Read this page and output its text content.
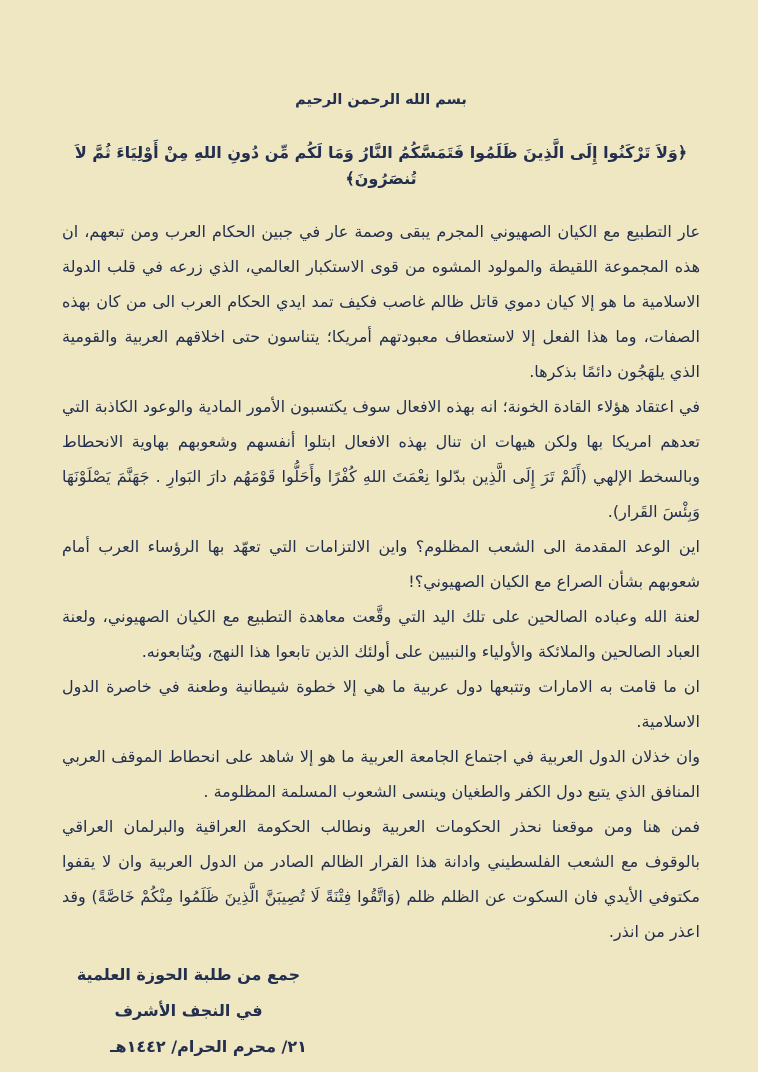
بسم الله الرحمن الرحيم
﴿وَلاَ تَرْكَنُوا إِلَى الَّذِينَ ظَلَمُوا فَتَمَسَّكُمُ النَّارُ وَمَا لَكُم مِّن دُونِ اللهِ مِنْ أَوْلِيَاءَ ثُمَّ لاَ تُنصَرُونَ﴾

عار التطبيع مع الكيان الصهيوني المجرم يبقى وصمة عار في جبين الحكام العرب ومن تبعهم، ان هذه المجموعة اللقيطة والمولود المشوه من قوى الاستكبار العالمي، الذي زرعه في قلب الدولة الاسلامية ما هو إلا كيان دموي قاتل ظالم غاصب فكيف تمد ايدي الحكام العرب الى من كان بهذه الصفات، وما هذا الفعل إلا لاستعطاف معبودتهم أمريكا؛ يتناسون حتى اخلاقهم العربية والقومية الذي يلهَجُون دائمًا بذكرها.

في اعتقاد هؤلاء القادة الخونة؛ انه بهذه الافعال سوف يكتسبون الأمور المادية والوعود الكاذبة التي تعدهم امريكا بها ولكن هيهات ان تنال بهذه الافعال ابتلوا أنفسهم وشعوبهم بهاوية الانحطاط وبالسخط الإلهي (أَلَمْ تَرَ إِلَى الَّذِين بدّلوا نِعْمَتَ اللهِ كُفْرًا وأَحَلُّوا قَوْمَهُم دارَ البَوارِ . جَهَنَّمَ يَصْلَوْنَهَا وَبِئْسَ القَرار).

اين الوعد المقدمة الى الشعب المظلوم؟ واين الالتزامات التي تعهّد بها الرؤساء العرب أمام شعوبهم بشأن الصراع مع الكيان الصهيوني؟!

لعنة الله وعباده الصالحين على تلك اليد التي وقَّعت معاهدة التطبيع مع الكيان الصهيوني، ولعنة العباد الصالحين والملائكة والأولياء والنبيين على أولئك الذين تابعوا هذا النهج، ويُتابعونه.

ان ما قامت به الامارات وتتبعها دول عربية ما هي إلا خطوة شيطانية وطعنة في خاصرة الدول الاسلامية.

وان خذلان الدول العربية في اجتماع الجامعة العربية ما هو إلا شاهد على انحطاط الموقف العربي المنافق الذي يتبع دول الكفر والطغيان وينسى الشعوب المسلمة المظلومة .

فمن هنا ومن موقعنا نحذر الحكومات العربية ونطالب الحكومة العراقية والبرلمان العراقي بالوقوف مع الشعب الفلسطيني وادانة هذا القرار الظالم الصادر من الدول العربية وان لا يقفوا مكتوفي الأيدي فان السكوت عن الظلم ظلم (وَاتَّقُوا فِتْنَةً لَا تُصِيبَنَّ الَّذِينَ ظَلَمُوا مِنْكُمْ خَاصَّةً) وقد اعذر من انذر.

جمع من طلبة الحوزة العلمية
في النجف الأشرف
٢١/ محرم الحرام/ ١٤٤٢هـ
